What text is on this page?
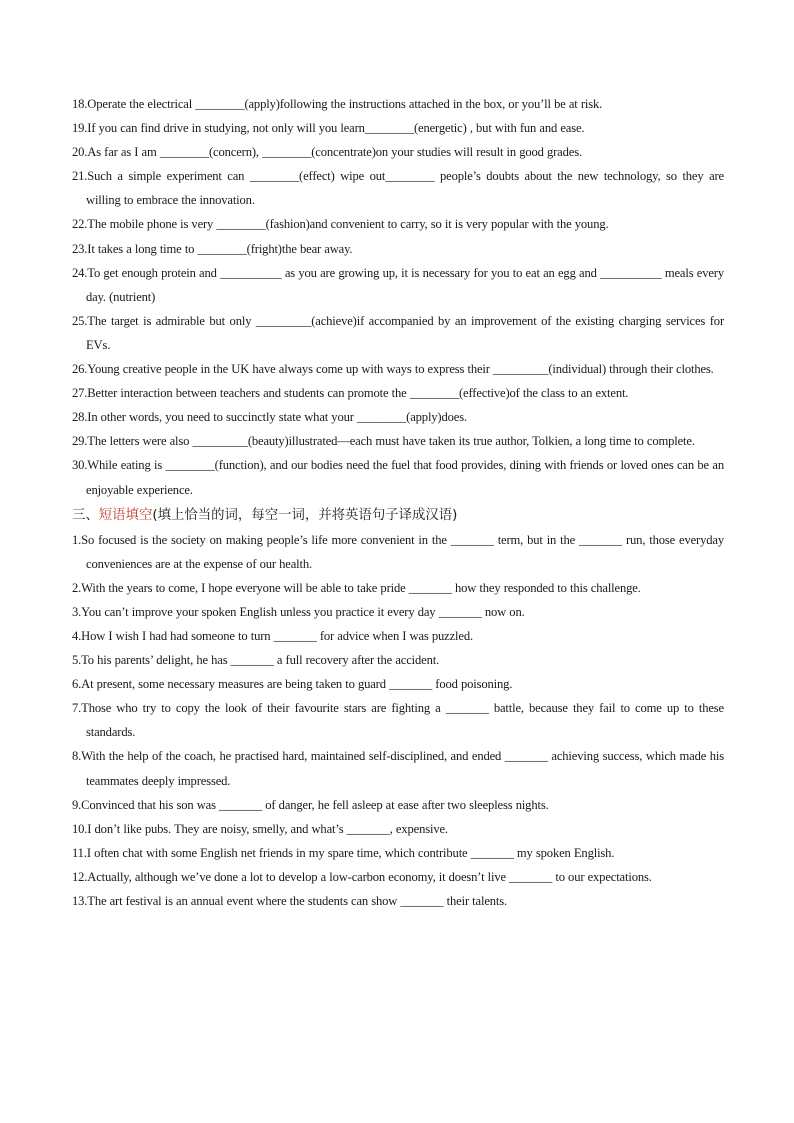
18.Operate the electrical ________(apply)following the instructions attached in the box, or you’ll be at risk.

19.If you can find drive in studying, not only will you learn________(energetic) , but with fun and ease.

20.As far as I am ________(concern), ________(concentrate)on your studies will result in good grades.

21.Such a simple experiment can ________(effect) wipe out________ people’s doubts about the new technology, so they are willing to embrace the innovation.

22.The mobile phone is very ________(fashion)and convenient to carry, so it is very popular with the young.

23.It takes a long time to ________(fright)the bear away.

24.To get enough protein and __________ as you are growing up, it is necessary for you to eat an egg and __________ meals every day. (nutrient)

25.The target is admirable but only _________(achieve)if accompanied by an improvement of the existing charging services for EVs.

26.Young creative people in the UK have always come up with ways to express their _________(individual) through their clothes.

27.Better interaction between teachers and students can promote the ________(effective)of the class to an extent.

28.In other words, you need to succinctly state what your ________(apply)does.

29.The letters were also _________(beauty)illustrated—each must have taken its true author, Tolkien, a long time to complete.

30.While eating is ________(function), and our bodies need the fuel that food provides, dining with friends or loved ones can be an enjoyable experience.

三、短语填空(填上恰当的词，每空一词，并将英语句子译成汉语)

1.So focused is the society on making people’s life more convenient in the _______ term, but in the _______ run, those everyday conveniences are at the expense of our health.

2.With the years to come, I hope everyone will be able to take pride _______ how they responded to this challenge.

3.You can’t improve your spoken English unless you practice it every day _______ now on.

4.How I wish I had had someone to turn _______ for advice when I was puzzled.

5.To his parents’ delight, he has _______ a full recovery after the accident.

6.At present, some necessary measures are being taken to guard _______ food poisoning.

7.Those who try to copy the look of their favourite stars are fighting a _______ battle, because they fail to come up to these standards.

8.With the help of the coach, he practised hard, maintained self-disciplined, and ended _______ achieving success, which made his teammates deeply impressed.

9.Convinced that his son was _______ of danger, he fell asleep at ease after two sleepless nights.

10.I don’t like pubs. They are noisy, smelly, and what’s _______, expensive.

11.I often chat with some English net friends in my spare time, which contribute _______ my spoken English.

12.Actually, although we’ve done a lot to develop a low-carbon economy, it doesn’t live _______ to our expectations.

13.The art festival is an annual event where the students can show _______ their talents.
